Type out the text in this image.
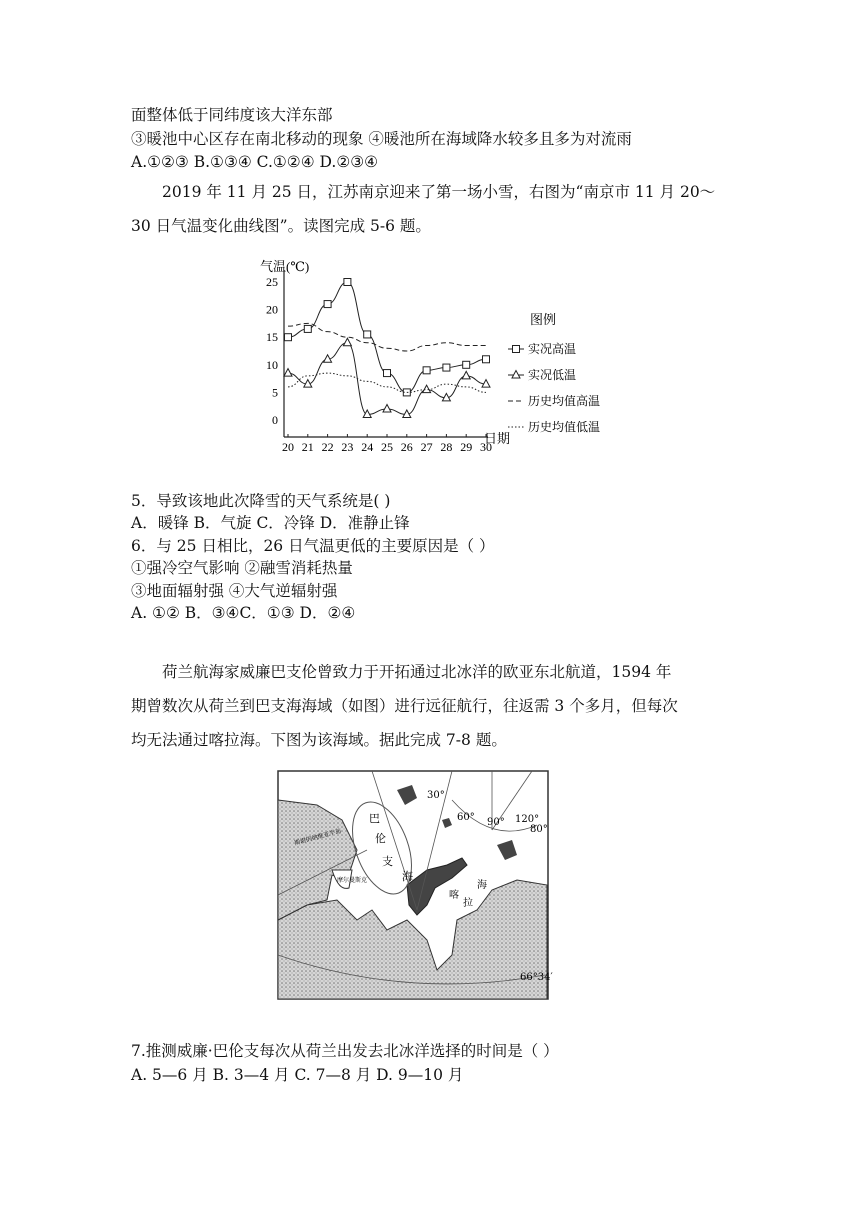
面整体低于同纬度该大洋东部
③暖池中心区存在南北移动的现象 ④暖池所在海域降水较多且多为对流雨
A.①②③ B.①③④ C.①②④ D.②③④
2019 年 11 月 25 日，江苏南京迎来了第一场小雪，右图为“南京市 11 月 20～
30 日气温变化曲线图”。读图完成 5-6 题。
气温(℃)
日期
0
5
10
15
20
25
20 21 22 23 24 25 26 27 28 29 30
图例
实况高温
实况低温
历史均值高温
历史均值低温
5．导致该地此次降雪的天气系统是( )
A．暖锋 B．气旋 C．冷锋 D．准静止锋
6．与 25 日相比，26 日气温更低的主要原因是（ ）
①强冷空气影响 ②融雪消耗热量
③地面辐射强 ④大气逆辐射强
A. ①② B．③④C．①③ D．②④
荷兰航海家威廉巴支伦曾致力于开拓通过北冰洋的欧亚东北航道，1594 年
期曾数次从荷兰到巴支海海域（如图）进行远征航行，往返需 3 个多月，但每次
均无法通过喀拉海。下图为该海域。据此完成 7-8 题。
30°
60° 90° 120°
80°
66°34′
巴
伦
支
海
喀
拉
海
斯堪的纳维亚半岛
摩尔曼斯克
7.推测威廉·巴伦支每次从荷兰出发去北冰洋选择的时间是（ ）
A. 5—6 月 B. 3—4 月 C. 7—8 月 D. 9—10 月
